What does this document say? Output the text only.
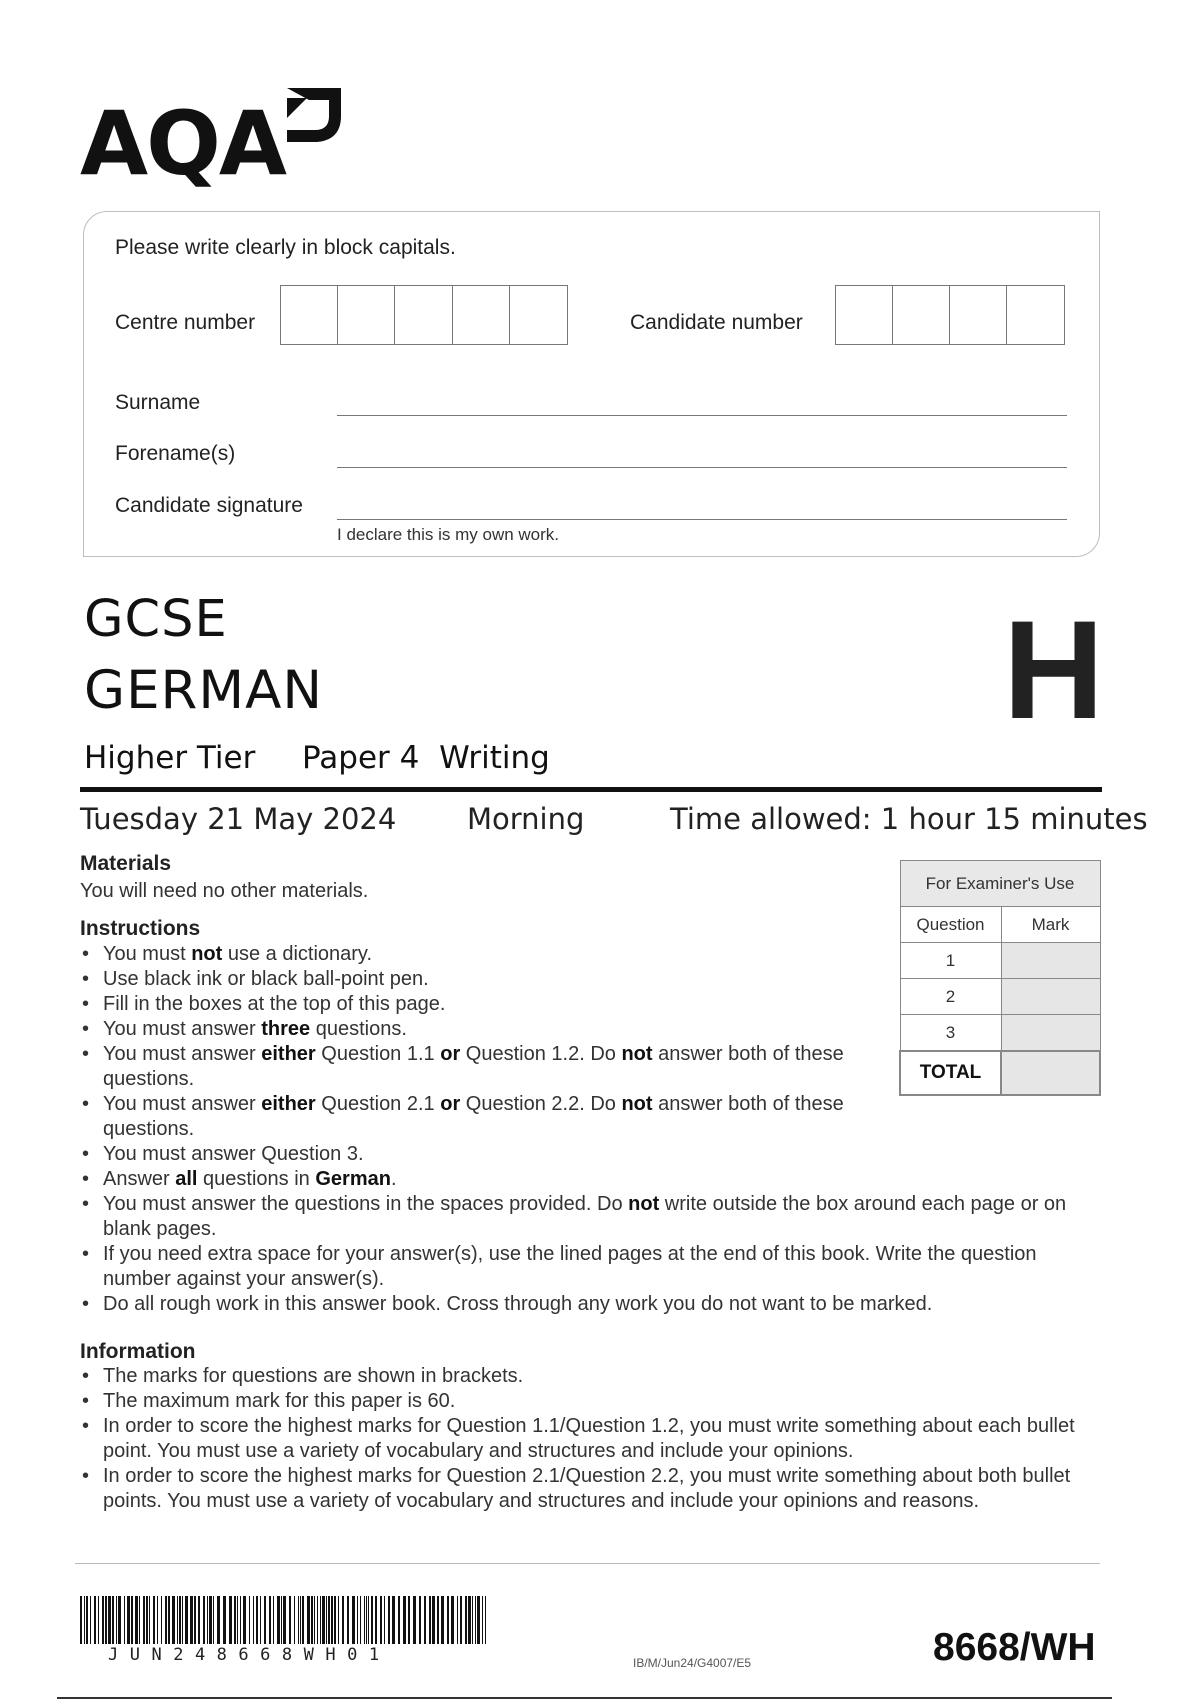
AQA
Please write clearly in block capitals.
Centre number	Candidate number
Surname
Forename(s)
Candidate signature
I declare this is my own work.
GCSE
GERMAN	H
Higher Tier Paper 4  Writing
Tuesday 21 May 2024 Morning	Time allowed: 1 hour 15 minutes
Materials
You will need no other materials.
Instructions
• You must not use a dictionary.
• Use black ink or black ball-point pen.
• Fill in the boxes at the top of this page.
• You must answer three questions.
• You must answer either Question 1.1 or Question 1.2. Do not answer both of these questions.
• You must answer either Question 2.1 or Question 2.2. Do not answer both of these questions.
• You must answer Question 3.
• Answer all questions in German.
• You must answer the questions in the spaces provided. Do not write outside the box around each page or on blank pages.
• If you need extra space for your answer(s), use the lined pages at the end of this book. Write the question number against your answer(s).
• Do all rough work in this answer book. Cross through any work you do not want to be marked.
Information
• The marks for questions are shown in brackets.
• The maximum mark for this paper is 60.
• In order to score the highest marks for Question 1.1/Question 1.2, you must write something about each bullet point. You must use a variety of vocabulary and structures and include your opinions.
• In order to score the highest marks for Question 2.1/Question 2.2, you must write something about both bullet points. You must use a variety of vocabulary and structures and include your opinions and reasons.
For Examiner's Use	
Question	Mark
1	
2	
3	
TOTAL	
JUN248668WH01	IB/M/Jun24/G4007/E5	8668/WH
